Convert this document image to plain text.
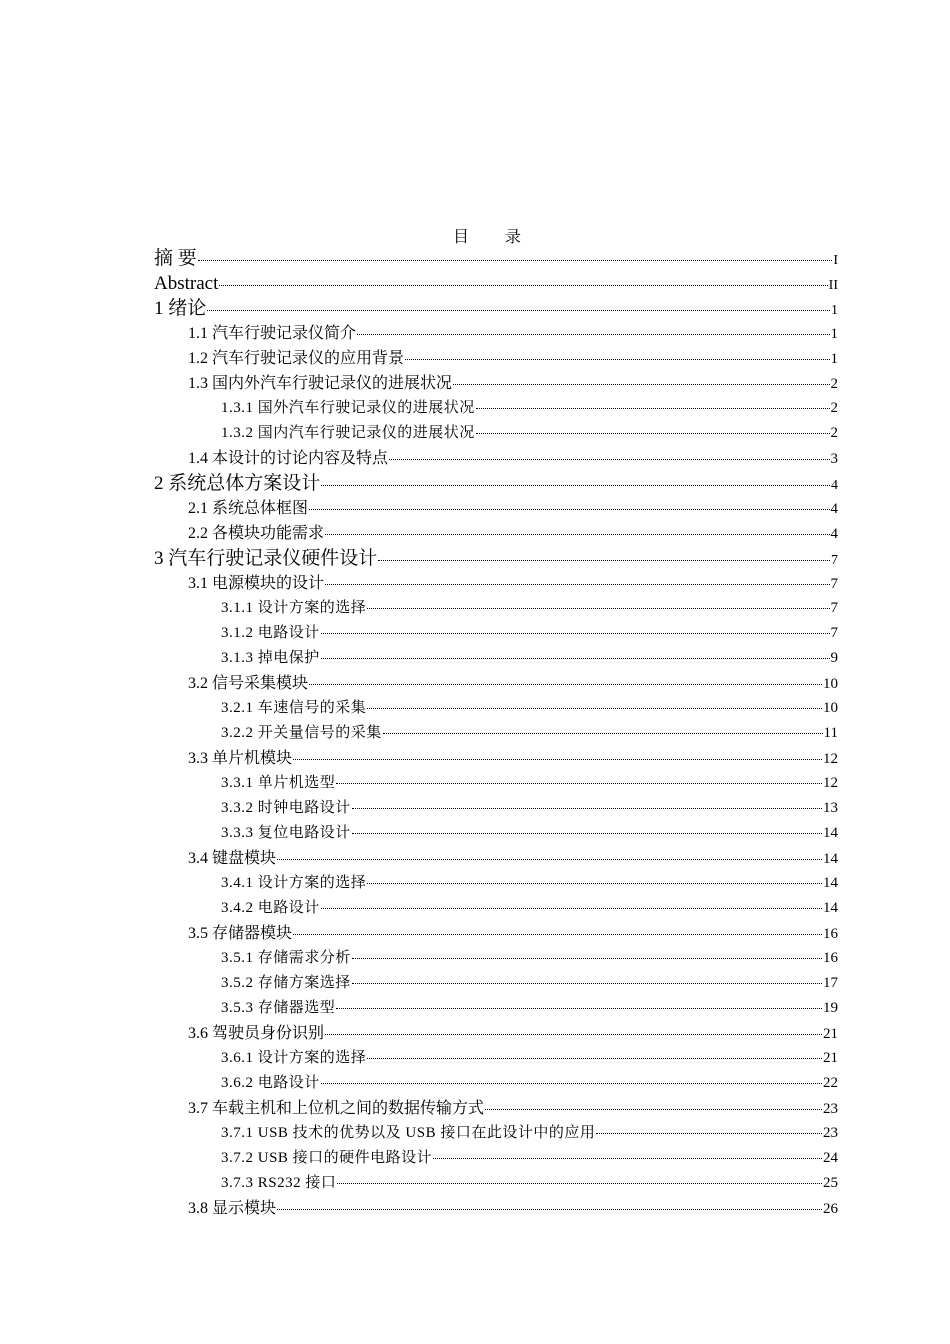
目 录
摘 要	I
Abstract	II
1 绪论	1
1.1 汽车行驶记录仪简介	1
1.2 汽车行驶记录仪的应用背景	1
1.3 国内外汽车行驶记录仪的进展状况	2
1.3.1 国外汽车行驶记录仪的进展状况	2
1.3.2 国内汽车行驶记录仪的进展状况	2
1.4 本设计的讨论内容及特点	3
2 系统总体方案设计	4
2.1 系统总体框图	4
2.2 各模块功能需求	4
3 汽车行驶记录仪硬件设计	7
3.1 电源模块的设计	7
3.1.1 设计方案的选择	7
3.1.2 电路设计	7
3.1.3 掉电保护	9
3.2 信号采集模块	10
3.2.1 车速信号的采集	10
3.2.2 开关量信号的采集	11
3.3 单片机模块	12
3.3.1 单片机选型	12
3.3.2 时钟电路设计	13
3.3.3 复位电路设计	14
3.4 键盘模块	14
3.4.1 设计方案的选择	14
3.4.2 电路设计	14
3.5 存储器模块	16
3.5.1 存储需求分析	16
3.5.2 存储方案选择	17
3.5.3 存储器选型	19
3.6 驾驶员身份识别	21
3.6.1 设计方案的选择	21
3.6.2 电路设计	22
3.7 车载主机和上位机之间的数据传输方式	23
3.7.1 USB 技术的优势以及 USB 接口在此设计中的应用	23
3.7.2 USB 接口的硬件电路设计	24
3.7.3 RS232 接口	25
3.8 显示模块	26
